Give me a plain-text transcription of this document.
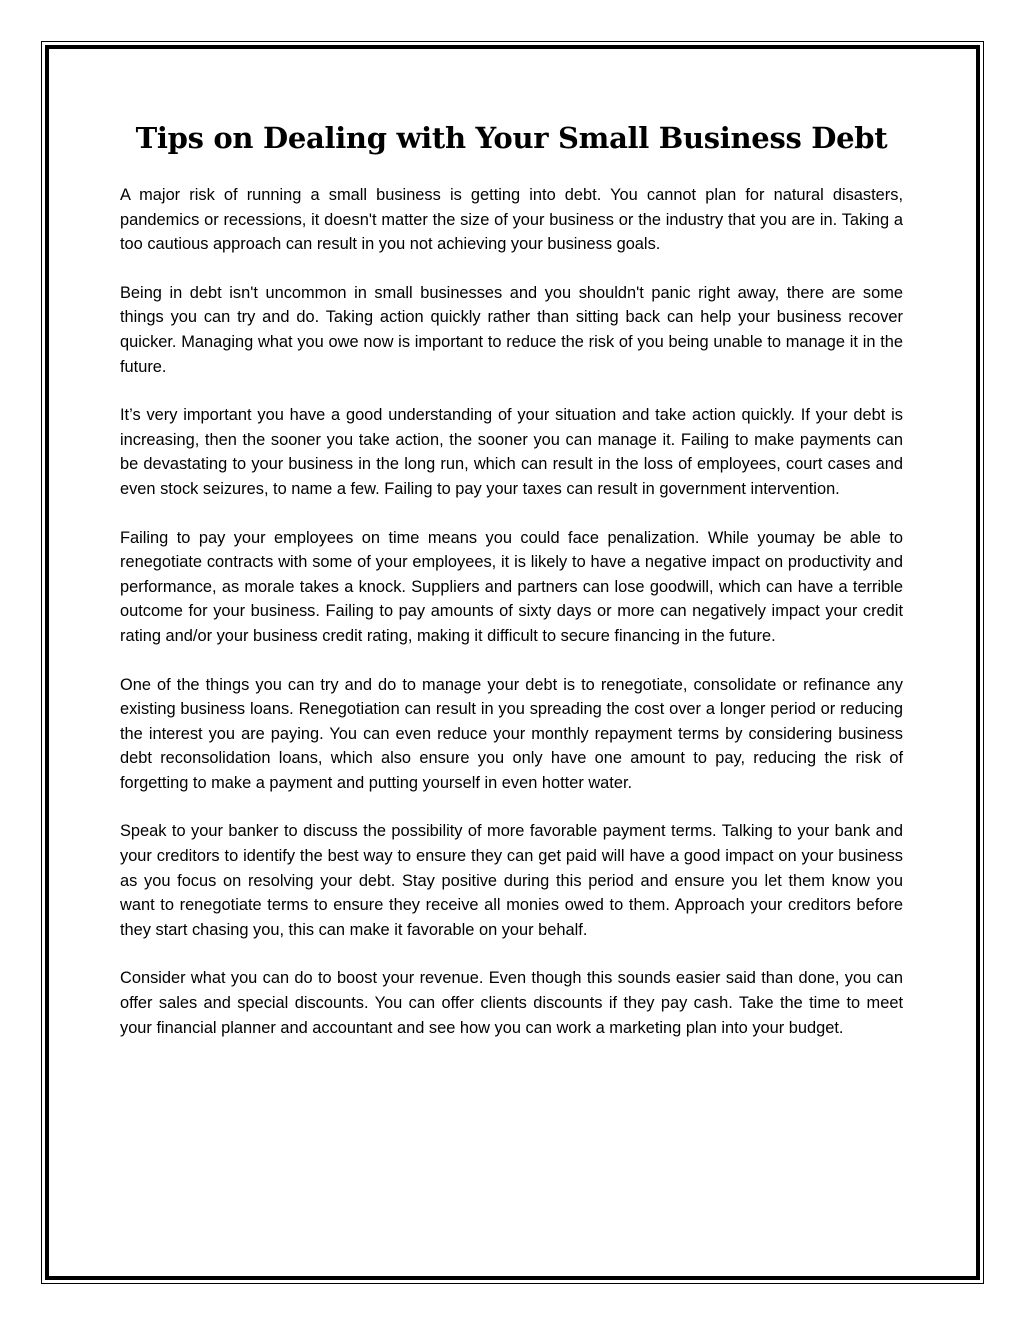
Tips on Dealing with Your Small Business Debt

A major risk of running a small business is getting into debt. You cannot plan for natural disasters, pandemics or recessions, it doesn't matter the size of your business or the industry that you are in. Taking a too cautious approach can result in you not achieving your business goals.

Being in debt isn't uncommon in small businesses and you shouldn't panic right away, there are some things you can try and do. Taking action quickly rather than sitting back can help your business recover quicker. Managing what you owe now is important to reduce the risk of you being unable to manage it in the future.

It’s very important you have a good understanding of your situation and take action quickly. If your debt is increasing, then the sooner you take action, the sooner you can manage it. Failing to make payments can be devastating to your business in the long run, which can result in the loss of employees, court cases and even stock seizures, to name a few. Failing to pay your taxes can result in government intervention.

Failing to pay your employees on time means you could face penalization. While youmay be able to renegotiate contracts with some of your employees, it is likely to have a negative impact on productivity and performance, as morale takes a knock. Suppliers and partners can lose goodwill, which can have a terrible outcome for your business. Failing to pay amounts of sixty days or more can negatively impact your credit rating and/or your business credit rating, making it difficult to secure financing in the future.

One of the things you can try and do to manage your debt is to renegotiate, consolidate or refinance any existing business loans. Renegotiation can result in you spreading the cost over a longer period or reducing the interest you are paying. You can even reduce your monthly repayment terms by considering business debt reconsolidation loans, which also ensure you only have one amount to pay, reducing the risk of forgetting to make a payment and putting yourself in even hotter water.

Speak to your banker to discuss the possibility of more favorable payment terms. Talking to your bank and your creditors to identify the best way to ensure they can get paid will have a good impact on your business as you focus on resolving your debt. Stay positive during this period and ensure you let them know you want to renegotiate terms to ensure they receive all monies owed to them. Approach your creditors before they start chasing you, this can make it favorable on your behalf.

Consider what you can do to boost your revenue. Even though this sounds easier said than done, you can offer sales and special discounts. You can offer clients discounts if they pay cash. Take the time to meet your financial planner and accountant and see how you can work a marketing plan into your budget.
